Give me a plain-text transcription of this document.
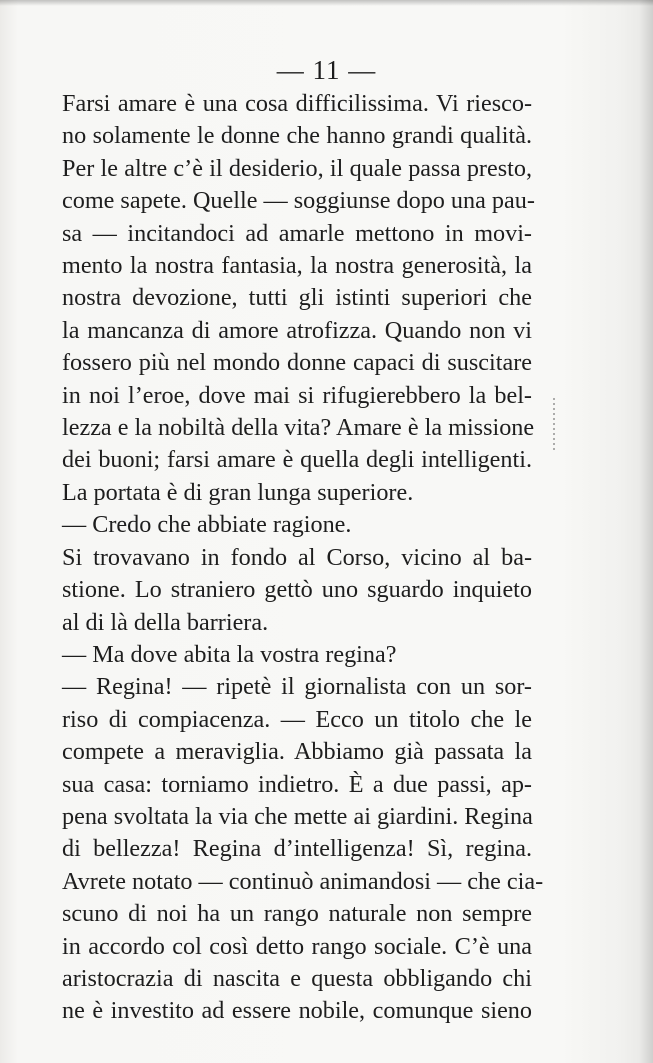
— 11 —
Farsi amare è una cosa difficilissima. Vi riesco-
no solamente le donne che hanno grandi qualità.
Per le altre c’è il desiderio, il quale passa presto,
come sapete. Quelle — soggiunse dopo una pau-
sa — incitandoci ad amarle mettono in movi-
mento la nostra fantasia, la nostra generosità, la
nostra devozione, tutti gli istinti superiori che
la mancanza di amore atrofizza. Quando non vi
fossero più nel mondo donne capaci di suscitare
in noi l’eroe, dove mai si rifugierebbero la bel-
lezza e la nobiltà della vita? Amare è la missione
dei buoni; farsi amare è quella degli intelligenti.
La portata è di gran lunga superiore.
— Credo che abbiate ragione.
Si trovavano in fondo al Corso, vicino al ba-
stione. Lo straniero gettò uno sguardo inquieto
al di là della barriera.
— Ma dove abita la vostra regina?
— Regina! — ripetè il giornalista con un sor-
riso di compiacenza. — Ecco un titolo che le
compete a meraviglia. Abbiamo già passata la
sua casa: torniamo indietro. È a due passi, ap-
pena svoltata la via che mette ai giardini. Regina
di bellezza! Regina d’intelligenza! Sì, regina.
Avrete notato — continuò animandosi — che cia-
scuno di noi ha un rango naturale non sempre
in accordo col così detto rango sociale. C’è una
aristocrazia di nascita e questa obbligando chi
ne è investito ad essere nobile, comunque sieno
